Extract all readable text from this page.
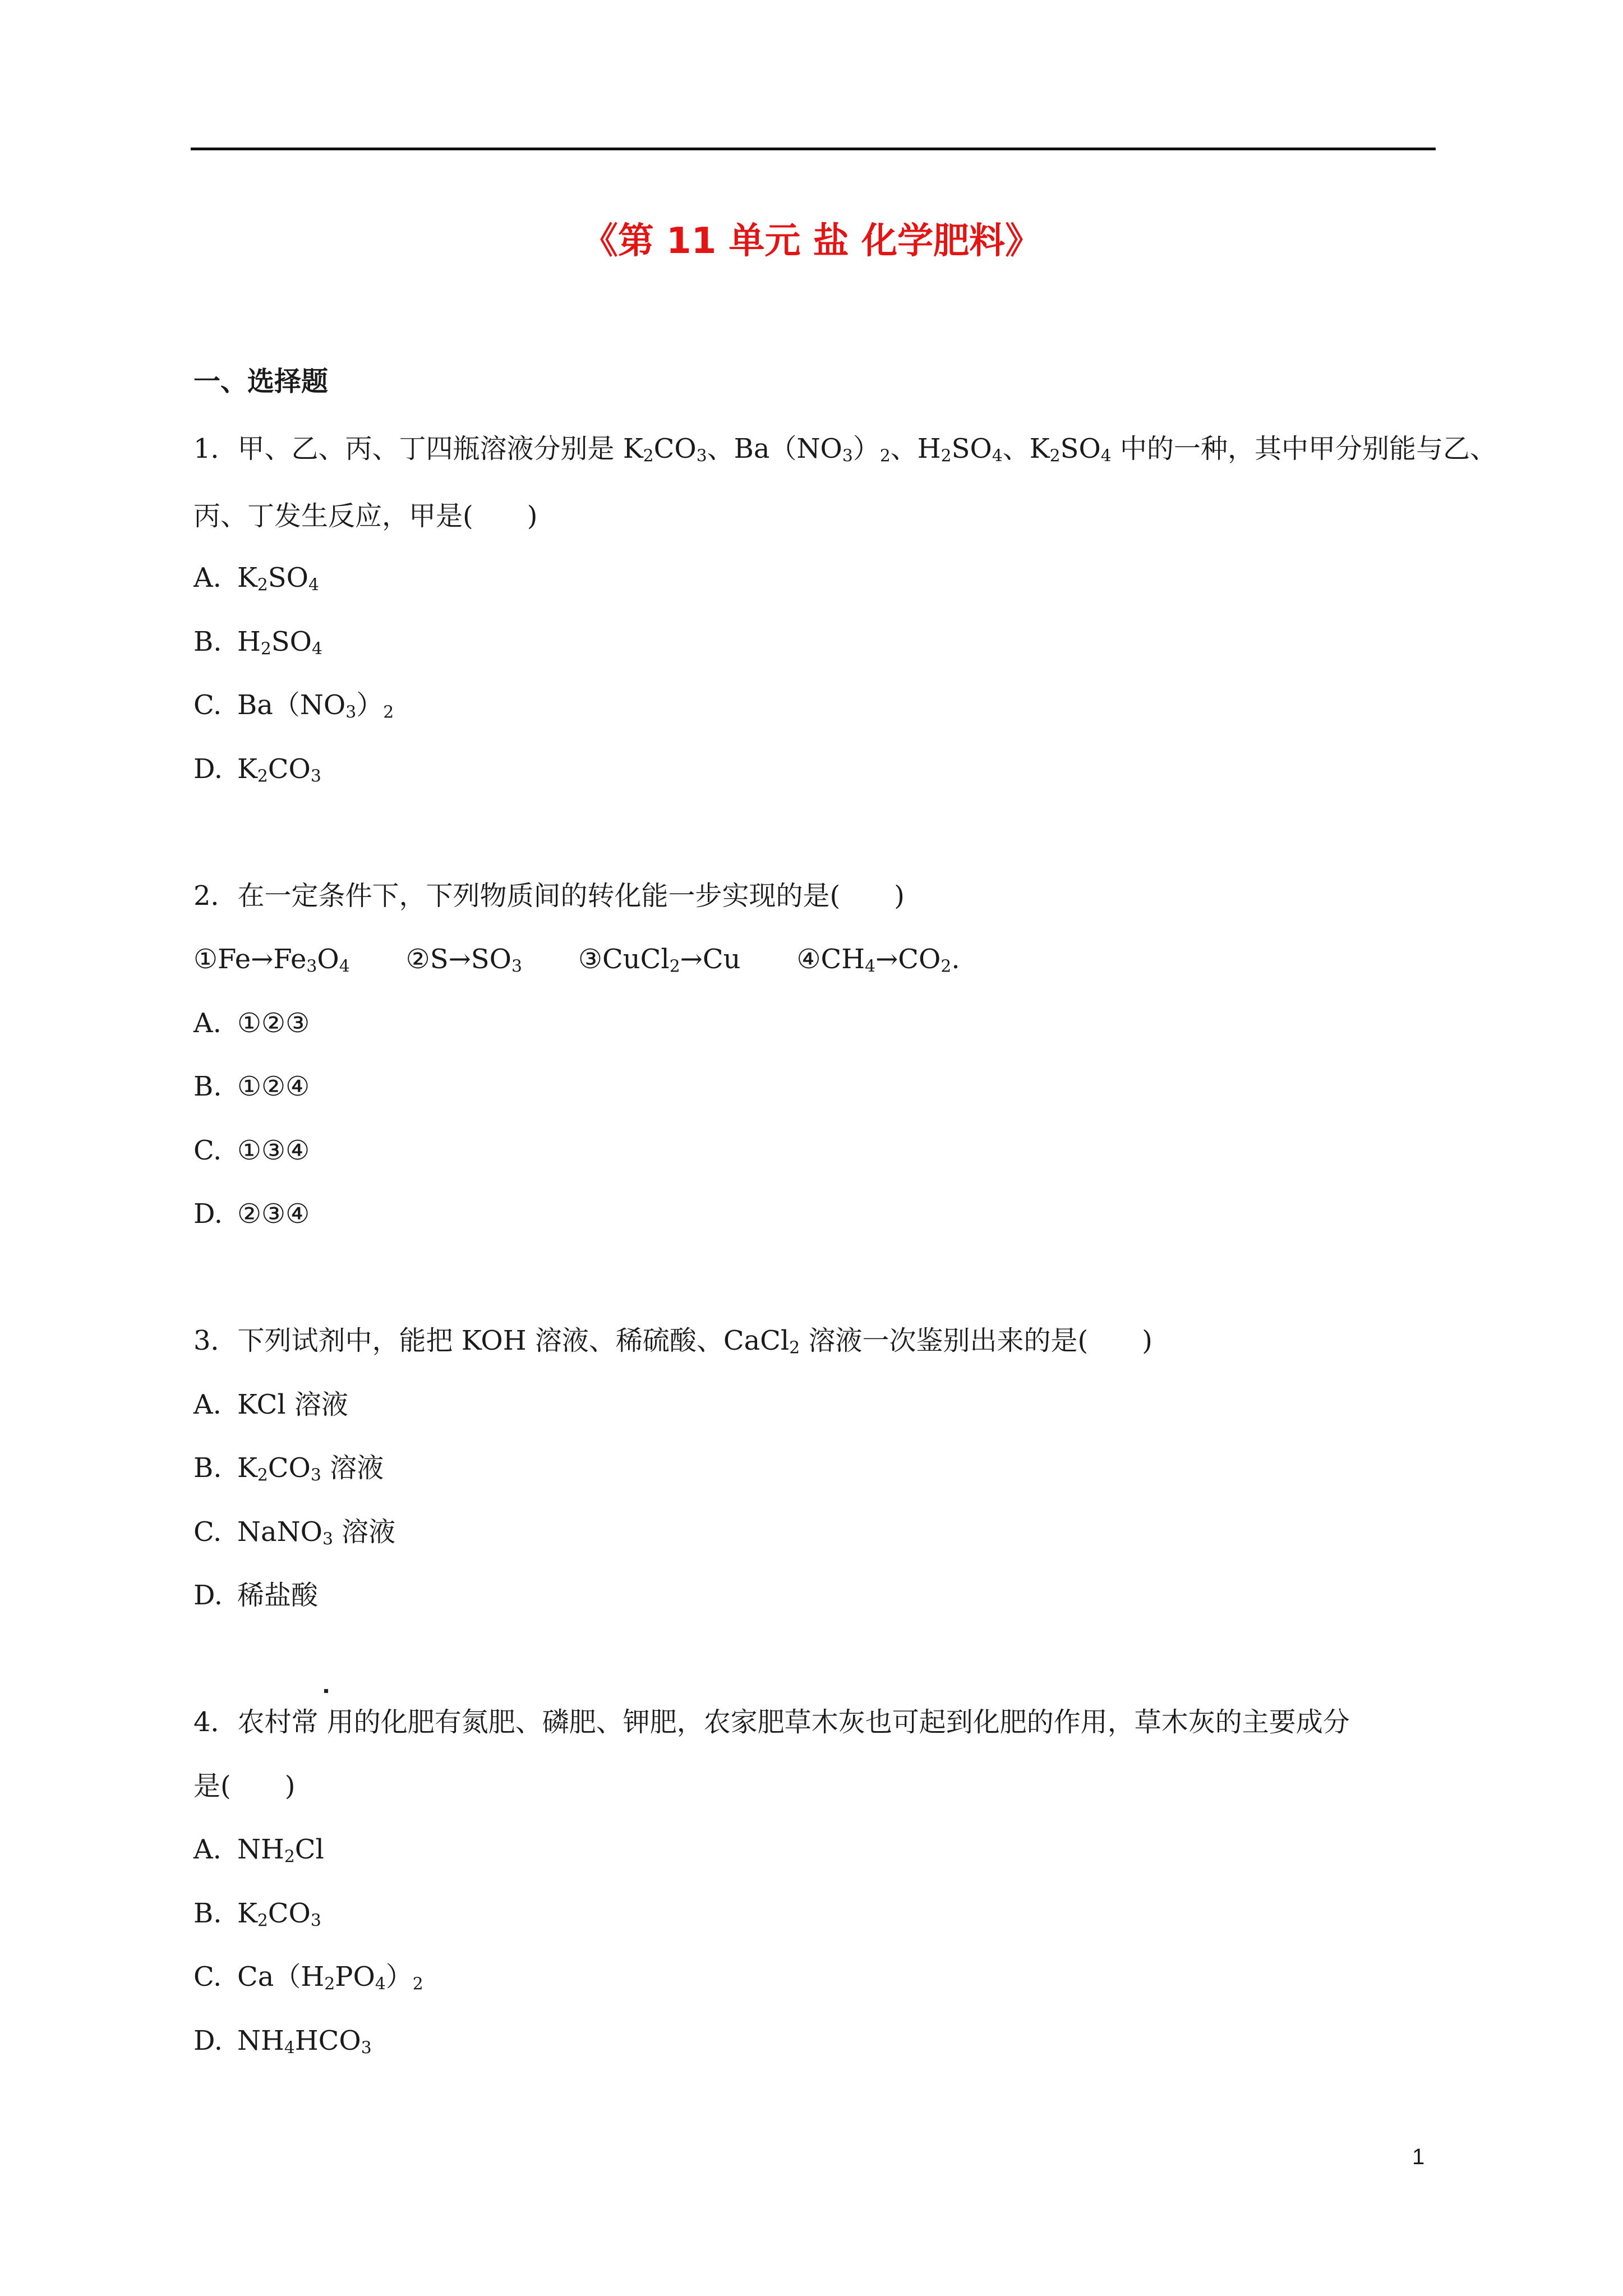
《第 11 单元 盐 化学肥料》
一、选择题
1．甲、乙、丙、丁四瓶溶液分别是 $K_2CO_3$、$Ba(NO_3)_2$、$H_2SO_4$、$K_2SO_4$ 中的一种，其中甲分别能与乙、
丙、丁发生反应，甲是(　　)
A. $K_2SO_4$
B. $H_2SO_4$
C. $Ba(NO_3)_2$
D. $K_2CO_3$
2．在一定条件下，下列物质间的转化能一步实现的是(　　)
$①Fe\to Fe_3O_4$ $②S\to SO_3$ ③CuCl$_2$→Cu $④CH_4\to CO_2$.
A. ①②③
B. ①②④
C. ①③④
D. ②③④
3．下列试剂中，能把 KOH 溶液、稀硫酸、CaCl$_2$ 溶液一次鉴别出来的是(　　)
A. KCl 溶液
B. $K_2CO_3$ 溶液
C. NaNO$_3$ 溶液
D. 稀盐酸
4．农村常 用的化肥有氮肥、磷肥、钾肥，农家肥草木灰也可起到化肥的作用，草木灰的主要成分
是(　　)
A. $NH_2Cl$
B. $K_2CO_3$
C. $Ca(H_2PO_4)_2$
D. $NH_4HCO_3$
1
